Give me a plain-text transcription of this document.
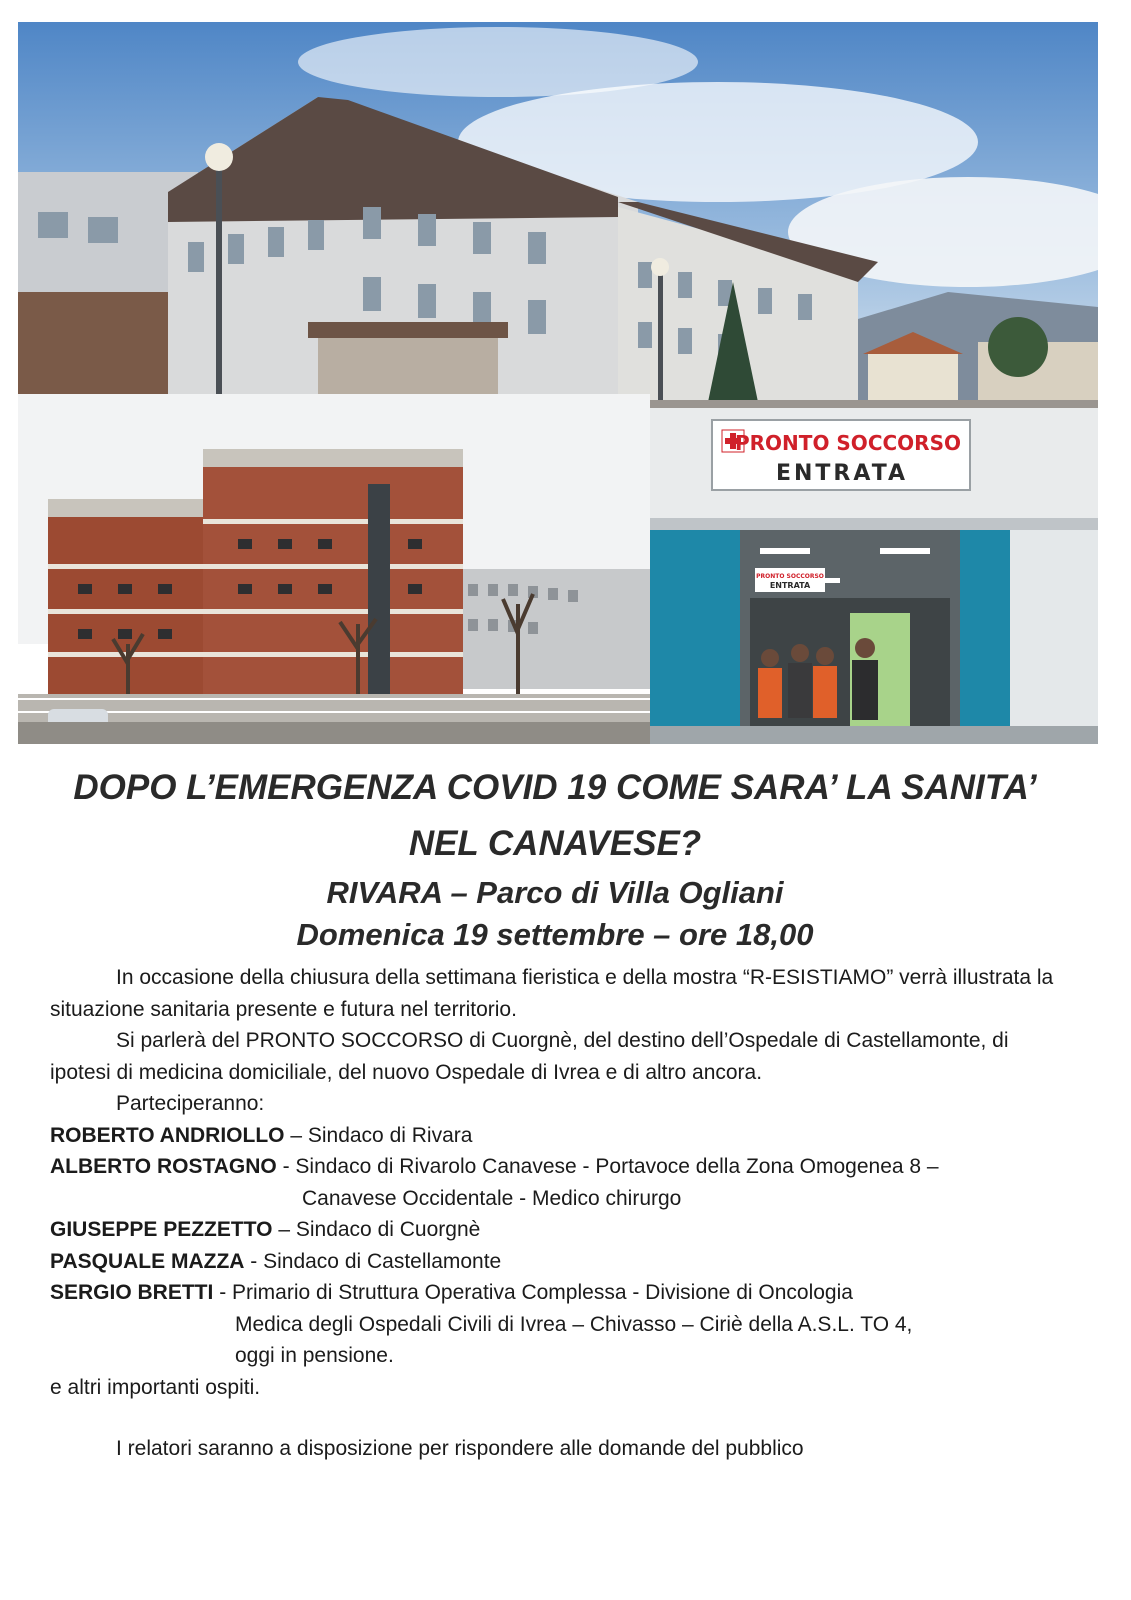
PRONTO SOCCORSO
ENTRATA
PRONTO SOCCORSO
ENTRATA
DOPO L’EMERGENZA COVID 19 COME SARA’ LA SANITA’
NEL CANAVESE?

RIVARA – Parco di Villa Ogliani

Domenica 19 settembre – ore 18,00

In occasione della chiusura della settimana fieristica e della mostra “R-ESISTIAMO” verrà illustrata la situazione sanitaria presente e futura nel territorio.

Si parlerà del PRONTO SOCCORSO di Cuorgnè, del destino dell’Ospedale di Castellamonte, di ipotesi di medicina domiciliale, del nuovo Ospedale di Ivrea e di altro ancora.

Parteciperanno:

ROBERTO ANDRIOLLO – Sindaco di Rivara

ALBERTO ROSTAGNO - Sindaco di Rivarolo Canavese - Portavoce della Zona Omogenea 8 –

Canavese Occidentale - Medico chirurgo

GIUSEPPE PEZZETTO – Sindaco di Cuorgnè

PASQUALE MAZZA - Sindaco di Castellamonte

SERGIO BRETTI - Primario di Struttura Operativa Complessa - Divisione di Oncologia

Medica degli Ospedali Civili di Ivrea – Chivasso – Ciriè della A.S.L. TO 4,

oggi in pensione.

e altri importanti ospiti.

I relatori saranno a disposizione per rispondere alle domande del pubblico
